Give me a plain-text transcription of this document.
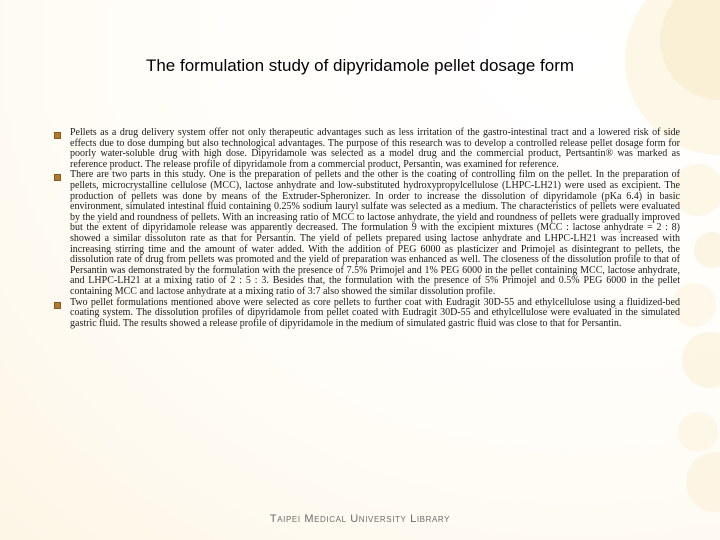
The formulation study of dipyridamole pellet dosage form
Pellets as a drug delivery system offer not only therapeutic advantages such as less irritation of the gastro-intestinal tract and a lowered risk of side effects due to dose dumping but also technological advantages. The purpose of this research was to develop a controlled release pellet dosage form for poorly water-soluble drug with high dose. Dipyridamole was selected as a model drug and the commercial product, Pertsantin® was marked as reference product. The release profile of dipyridamole from a commercial product, Persantin, was examined for reference.
There are two parts in this study. One is the preparation of pellets and the other is the coating of controlling film on the pellet. In the preparation of pellets, microcrystalline cellulose (MCC), lactose anhydrate and low-substituted hydroxypropylcellulose (LHPC-LH21) were used as excipient. The production of pellets was done by means of the Extruder-Spheronizer. In order to increase the dissolution of dipyridamole (pKa 6.4) in basic environment, simulated intestinal fluid containing 0.25% sodium lauryl sulfate was selected as a medium. The characteristics of pellets were evaluated by the yield and roundness of pellets. With an increasing ratio of MCC to lactose anhydrate, the yield and roundness of pellets were gradually improved but the extent of dipyridamole release was apparently decreased. The formulation 9 with the excipient mixtures (MCC : lactose anhydrate = 2 : 8) showed a similar dissoluton rate as that for Persantin. The yield of pellets prepared using lactose anhydrate and LHPC-LH21 was increased with increasing stirring time and the amount of water added. With the addition of PEG 6000 as plasticizer and Primojel as disintegrant to pellets, the dissolution rate of drug from pellets was promoted and the yield of preparation was enhanced as well. The closeness of the dissolution profile to that of Persantin was demonstrated by the formulation with the presence of 7.5% Primojel and 1% PEG 6000 in the pellet containing MCC, lactose anhydrate, and LHPC-LH21 at a mixing ratio of 2 : 5 : 3. Besides that, the formulation with the presence of 5% Primojel and 0.5% PEG 6000 in the pellet containing MCC and lactose anhydrate at a mixing ratio of 3:7 also showed the similar dissolution profile.
Two pellet formulations mentioned above were selected as core pellets to further coat with Eudragit 30D-55 and ethylcellulose using a fluidized-bed coating system. The dissolution profiles of dipyridamole from pellet coated with Eudragit 30D-55 and ethylcellulose were evaluated in the simulated gastric fluid. The results showed a release profile of dipyridamole in the medium of simulated gastric fluid was close to that for Persantin.
Taipei Medical University Library
